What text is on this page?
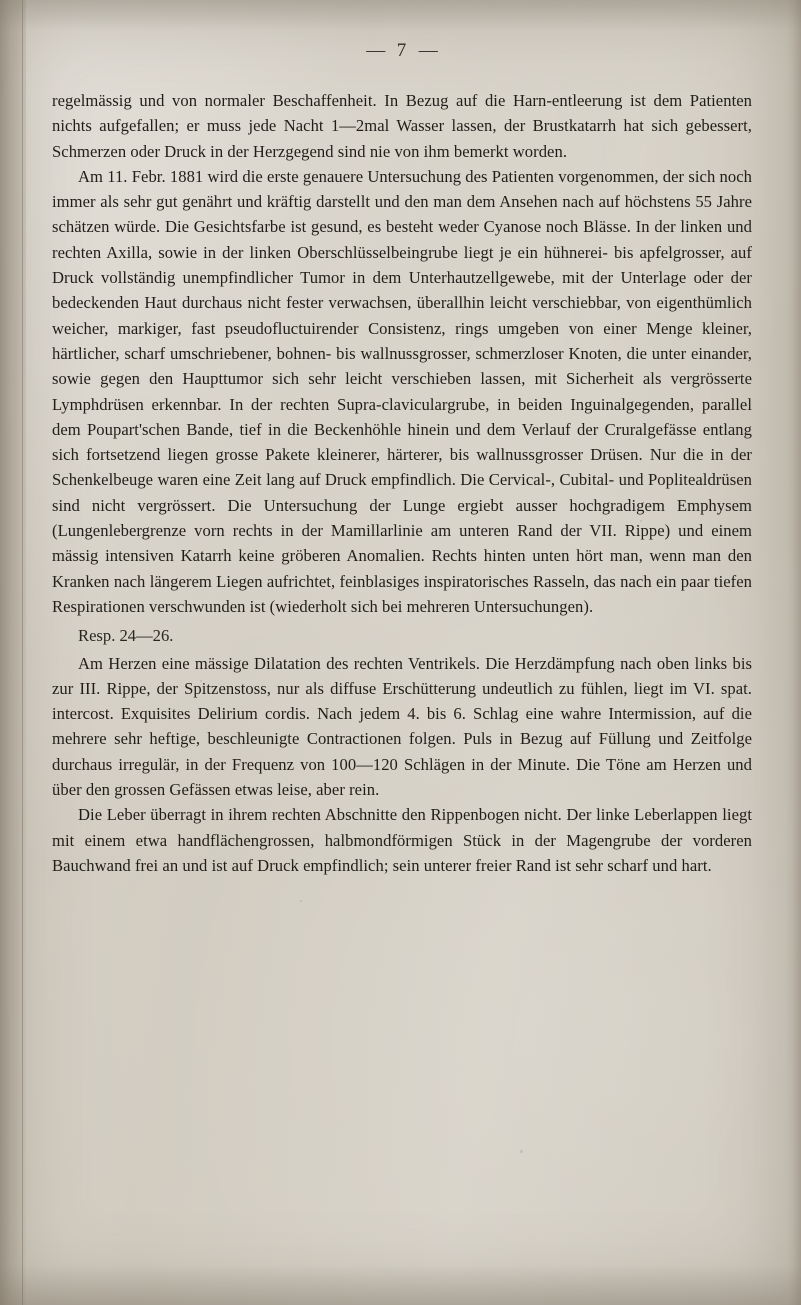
— 7 —

regelmässig und von normaler Beschaffenheit. In Bezug auf die Harn-entleerung ist dem Patienten nichts aufgefallen; er muss jede Nacht 1—2mal Wasser lassen, der Brustkatarrh hat sich gebessert, Schmerzen oder Druck in der Herzgegend sind nie von ihm bemerkt worden.

Am 11. Febr. 1881 wird die erste genauere Untersuchung des Patienten vorgenommen, der sich noch immer als sehr gut genährt und kräftig darstellt und den man dem Ansehen nach auf höchstens 55 Jahre schätzen würde. Die Gesichtsfarbe ist gesund, es besteht weder Cyanose noch Blässe. In der linken und rechten Axilla, sowie in der linken Oberschlüsselbeingrube liegt je ein hühnerei- bis apfelgrosser, auf Druck vollständig unempfindlicher Tumor in dem Unterhautzellgewebe, mit der Unterlage oder der bedeckenden Haut durchaus nicht fester verwachsen, überallhin leicht verschiebbar, von eigenthümlich weicher, markiger, fast pseudofluctuirender Consistenz, rings umgeben von einer Menge kleiner, härtlicher, scharf umschriebener, bohnen- bis wallnussgrosser, schmerzloser Knoten, die unter einander, sowie gegen den Haupttumor sich sehr leicht verschieben lassen, mit Sicherheit als vergrösserte Lymphdrüsen erkennbar. In der rechten Supra-claviculargrube, in beiden Inguinalgegenden, parallel dem Poupart'schen Bande, tief in die Beckenhöhle hinein und dem Verlauf der Cruralgefässe entlang sich fortsetzend liegen grosse Pakete kleinerer, härterer, bis wallnussgrosser Drüsen. Nur die in der Schenkelbeuge waren eine Zeit lang auf Druck empfindlich. Die Cervical-, Cubital- und Poplitealdrüsen sind nicht vergrössert. Die Untersuchung der Lunge ergiebt ausser hochgradigem Emphysem (Lungenlebergrenze vorn rechts in der Mamillarlinie am unteren Rand der VII. Rippe) und einem mässig intensiven Katarrh keine gröberen Anomalien. Rechts hinten unten hört man, wenn man den Kranken nach längerem Liegen aufrichtet, feinblasiges inspiratorisches Rasseln, das nach ein paar tiefen Respirationen verschwunden ist (wiederholt sich bei mehreren Untersuchungen).

Resp. 24—26.

Am Herzen eine mässige Dilatation des rechten Ventrikels. Die Herzdämpfung nach oben links bis zur III. Rippe, der Spitzenstoss, nur als diffuse Erschütterung undeutlich zu fühlen, liegt im VI. spat. intercost. Exquisites Delirium cordis. Nach jedem 4. bis 6. Schlag eine wahre Intermission, auf die mehrere sehr heftige, beschleunigte Contractionen folgen. Puls in Bezug auf Füllung und Zeitfolge durchaus irregulär, in der Frequenz von 100—120 Schlägen in der Minute. Die Töne am Herzen und über den grossen Gefässen etwas leise, aber rein.

Die Leber überragt in ihrem rechten Abschnitte den Rippenbogen nicht. Der linke Leberlappen liegt mit einem etwa handflächengrossen, halbmondförmigen Stück in der Magengrube der vorderen Bauchwand frei an und ist auf Druck empfindlich; sein unterer freier Rand ist sehr scharf und hart.
